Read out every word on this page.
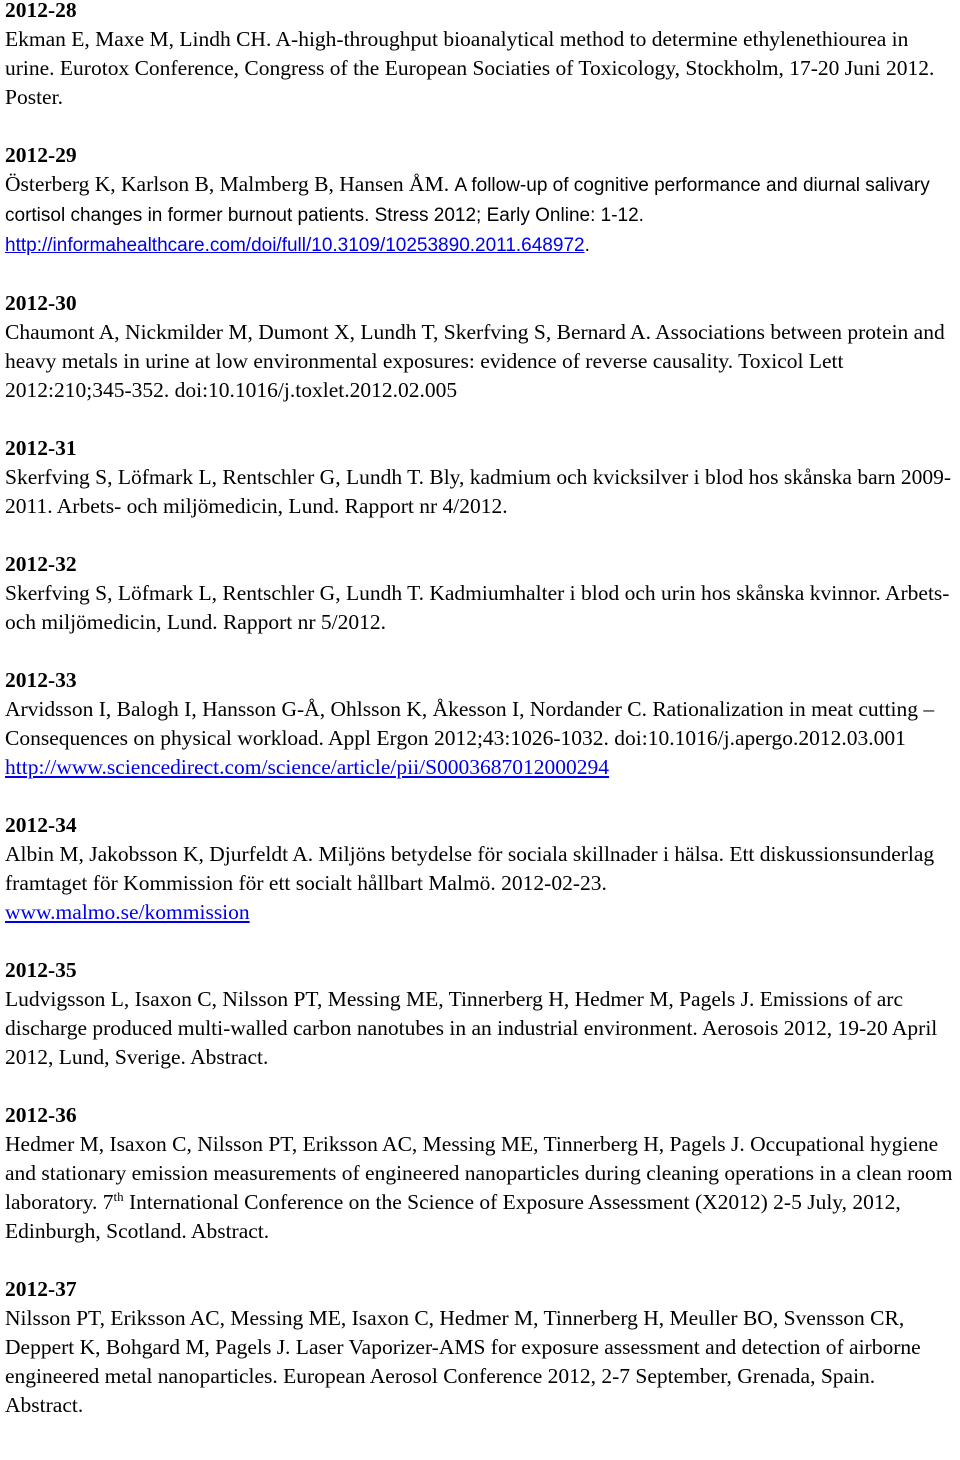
2012-28
Ekman E, Maxe M, Lindh CH. A-high-throughput bioanalytical method to determine ethylenethiourea in urine. Eurotox Conference, Congress of the European Sociaties of Toxicology, Stockholm, 17-20 Juni 2012. Poster.
2012-29
Österberg K, Karlson B, Malmberg B, Hansen ÅM. A follow-up of cognitive performance and diurnal salivary cortisol changes in former burnout patients. Stress 2012; Early Online: 1-12. http://informahealthcare.com/doi/full/10.3109/10253890.2011.648972.
2012-30
Chaumont A, Nickmilder M, Dumont X, Lundh T, Skerfving S, Bernard A. Associations between protein and heavy metals in urine at low environmental exposures: evidence of reverse causality. Toxicol Lett 2012:210;345-352. doi:10.1016/j.toxlet.2012.02.005
2012-31
Skerfving S, Löfmark L, Rentschler G, Lundh T. Bly, kadmium och kvicksilver i blod hos skånska barn 2009-2011. Arbets- och miljömedicin, Lund. Rapport nr 4/2012.
2012-32
Skerfving S, Löfmark L, Rentschler G, Lundh T. Kadmiumhalter i blod och urin hos skånska kvinnor. Arbets- och miljömedicin, Lund. Rapport nr 5/2012.
2012-33
Arvidsson I, Balogh I, Hansson G-Å, Ohlsson K, Åkesson I, Nordander C. Rationalization in meat cutting – Consequences on physical workload. Appl Ergon 2012;43:1026-1032. doi:10.1016/j.apergo.2012.03.001
http://www.sciencedirect.com/science/article/pii/S0003687012000294
2012-34
Albin M, Jakobsson K, Djurfeldt A. Miljöns betydelse för sociala skillnader i hälsa. Ett diskussionsunderlag framtaget för Kommission för ett socialt hållbart Malmö. 2012-02-23.
www.malmo.se/kommission
2012-35
Ludvigsson L, Isaxon C, Nilsson PT, Messing ME, Tinnerberg H, Hedmer M, Pagels J. Emissions of arc discharge produced multi-walled carbon nanotubes in an industrial environment. Aerosois 2012, 19-20 April 2012, Lund, Sverige. Abstract.
2012-36
Hedmer M, Isaxon C, Nilsson PT, Eriksson AC, Messing ME, Tinnerberg H, Pagels J. Occupational hygiene and stationary emission measurements of engineered nanoparticles during cleaning operations in a clean room laboratory. 7th International Conference on the Science of Exposure Assessment (X2012) 2-5 July, 2012, Edinburgh, Scotland. Abstract.
2012-37
Nilsson PT, Eriksson AC, Messing ME, Isaxon C, Hedmer M, Tinnerberg H, Meuller BO, Svensson CR, Deppert K, Bohgard M, Pagels J. Laser Vaporizer-AMS for exposure assessment and detection of airborne engineered metal nanoparticles. European Aerosol Conference 2012, 2-7 September, Grenada, Spain. Abstract.
